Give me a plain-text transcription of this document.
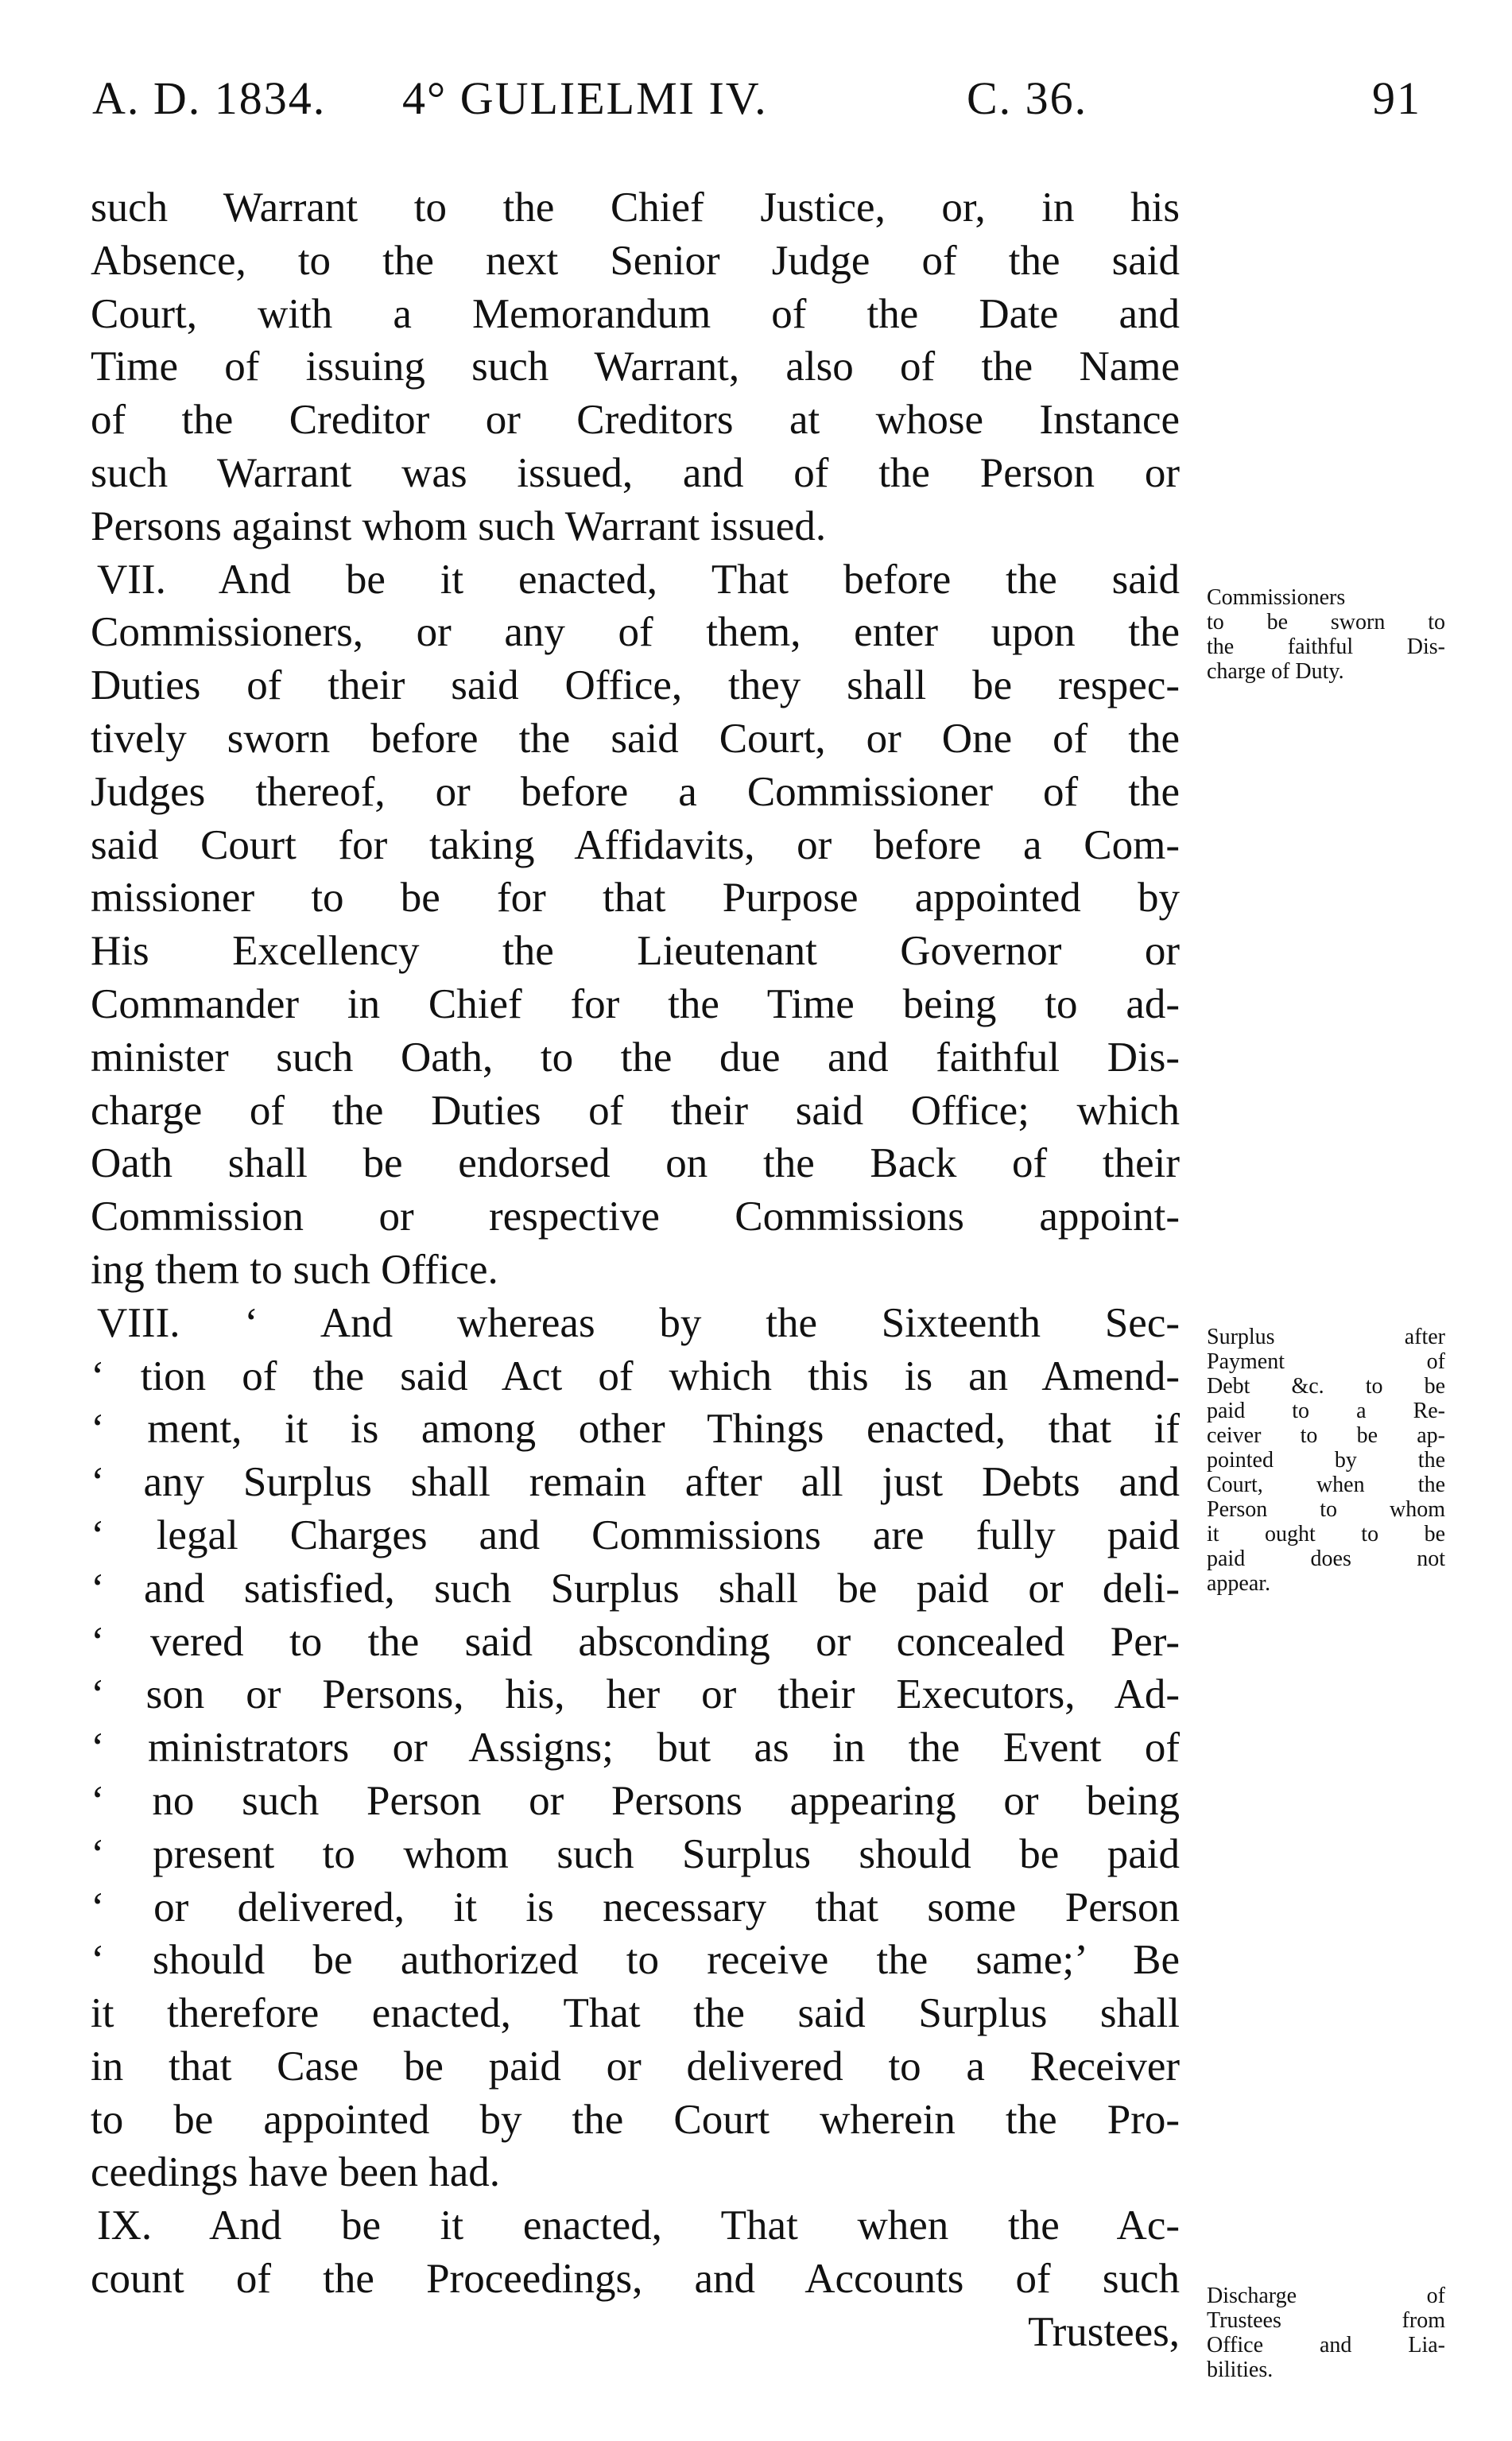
A. D. 1834. 4° GULIELMI IV.	C. 36.	91
such Warrant to the Chief Justice, or, in his
Absence, to the next Senior Judge of the said
Court, with a Memorandum of the Date and
Time of issuing such Warrant, also of the Name
of the Creditor or Creditors at whose Instance
such Warrant was issued, and of the Person or
Persons against whom such Warrant issued.
VII. And be it enacted, That before the said
Commissioners, or any of them, enter upon the
Duties of their said Office, they shall be respec-
tively sworn before the said Court, or One of the
Judges thereof, or before a Commissioner of the
said Court for taking Affidavits, or before a Com-
missioner to be for that Purpose appointed by
His Excellency the Lieutenant Governor or
Commander in Chief for the Time being to ad-
minister such Oath, to the due and faithful Dis-
charge of the Duties of their said Office; which
Oath shall be endorsed on the Back of their
Commission or respective Commissions appoint-
ing them to such Office.
VIII. ‘ And whereas by the Sixteenth Sec-
‘ tion of the said Act of which this is an Amend-
‘ ment, it is among other Things enacted, that if
‘ any Surplus shall remain after all just Debts and
‘ legal Charges and Commissions are fully paid
‘ and satisfied, such Surplus shall be paid or deli-
‘ vered to the said absconding or concealed Per-
‘ son or Persons, his, her or their Executors, Ad-
‘ ministrators or Assigns; but as in the Event of
‘ no such Person or Persons appearing or being
‘ present to whom such Surplus should be paid
‘ or delivered, it is necessary that some Person
‘ should be authorized to receive the same;’ Be
it therefore enacted, That the said Surplus shall
in that Case be paid or delivered to a Receiver
to be appointed by the Court wherein the Pro-
ceedings have been had.
IX. And be it enacted, That when the Ac-
count of the Proceedings, and Accounts of such
Trustees,
Commissioners
to be sworn to
the faithful Dis-
charge of Duty.
Surplus after
Payment of
Debt &c. to be
paid to a Re-
ceiver to be ap-
pointed by the
Court, when the
Person to whom
it ought to be
paid does not
appear.
Discharge of
Trustees from
Office and Lia-
bilities.
